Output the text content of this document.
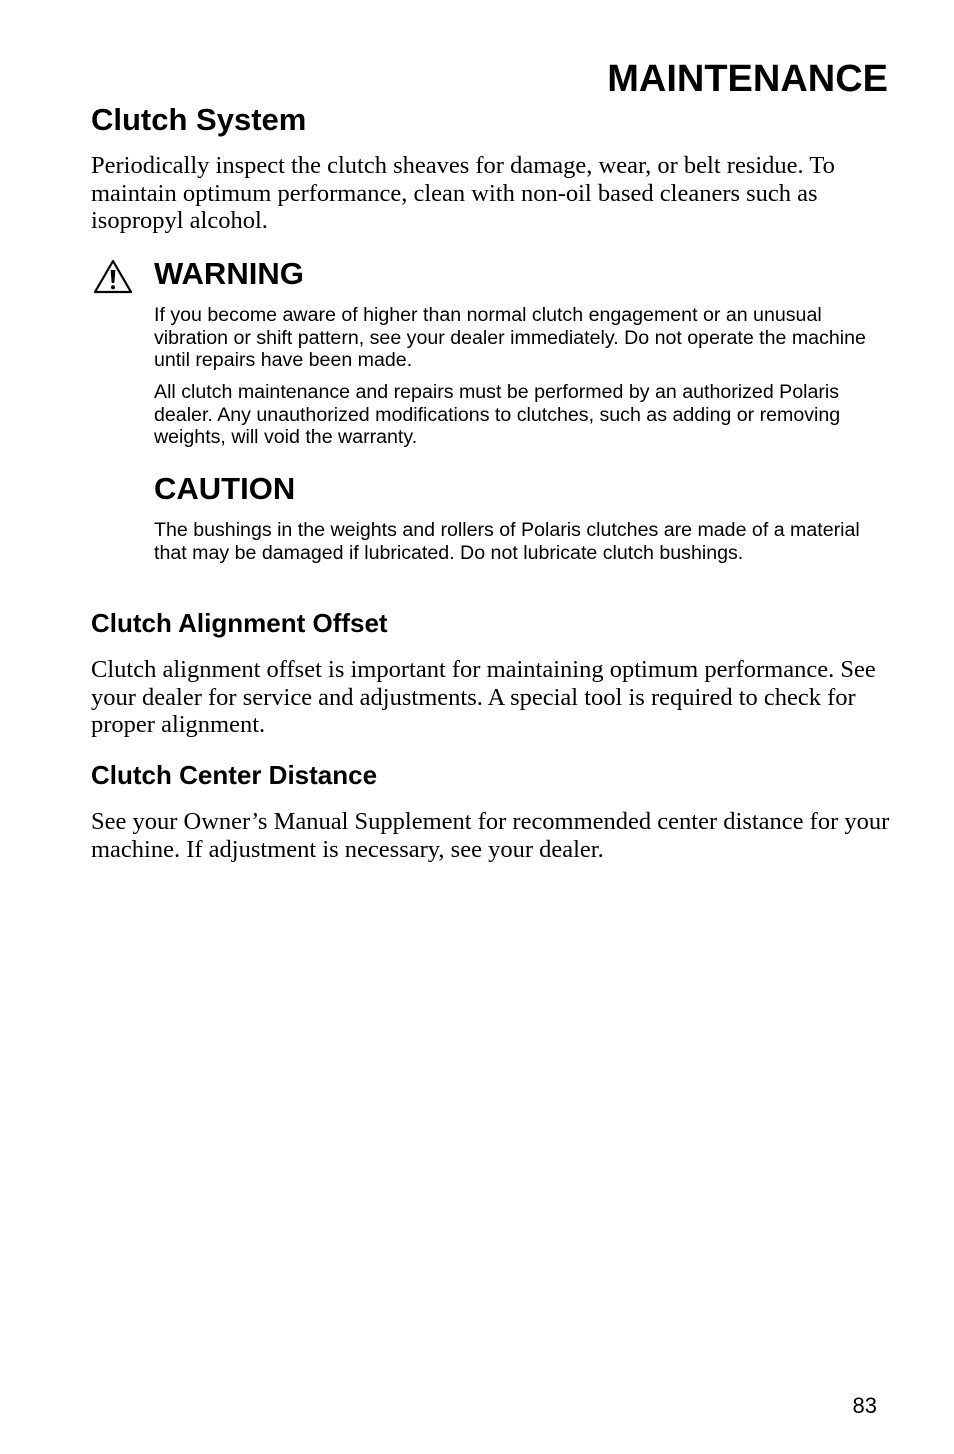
MAINTENANCE
Clutch System

Periodically inspect the clutch sheaves for damage, wear, or belt residue. To maintain optimum performance, clean with non-oil based cleaners such as isopropyl alcohol.

WARNING

If you become aware of higher than normal clutch engagement or an unusual vibration or shift pattern, see your dealer immediately. Do not operate the machine until repairs have been made.

All clutch maintenance and repairs must be performed by an authorized Polaris dealer. Any unauthorized modifications to clutches, such as adding or removing weights, will void the warranty.

CAUTION

The bushings in the weights and rollers of Polaris clutches are made of a material that may be damaged if lubricated. Do not lubricate clutch bushings.

Clutch Alignment Offset

Clutch alignment offset is important for maintaining optimum performance. See your dealer for service and adjustments. A special tool is required to check for proper alignment.

Clutch Center Distance

See your Owner’s Manual Supplement for recommended center distance for your machine. If adjustment is necessary, see your dealer.

83
